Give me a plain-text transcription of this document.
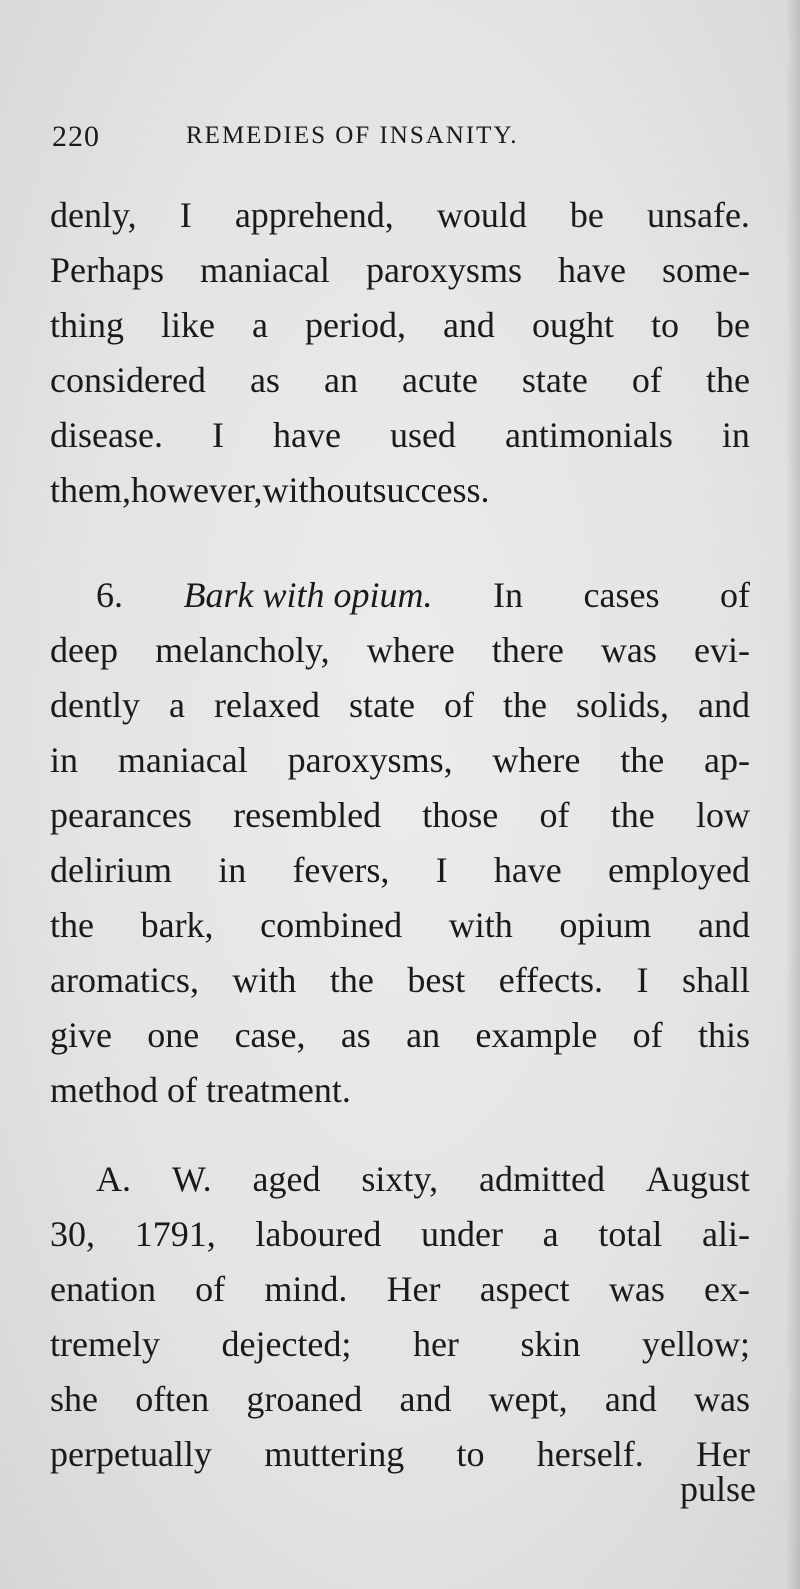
220	REMEDIES OF INSANITY.
denly, I apprehend, would be unsafe.
Perhaps maniacal paroxysms have some-
thing like a period, and ought to be
considered as an acute state of the
disease. I have used antimonials in
them, however, without success.
6. Bark with opium. In cases of
deep melancholy, where there was evi-
dently a relaxed state of the solids, and
in maniacal paroxysms, where the ap-
pearances resembled those of the low
delirium in fevers, I have employed
the bark, combined with opium and
aromatics, with the best effects. I shall
give one case, as an example of this
method of treatment.
A. W. aged sixty, admitted August
30, 1791, laboured under a total ali-
enation of mind. Her aspect was ex-
tremely dejected; her skin yellow;
she often groaned and wept, and was
perpetually muttering to herself. Her
pulse
